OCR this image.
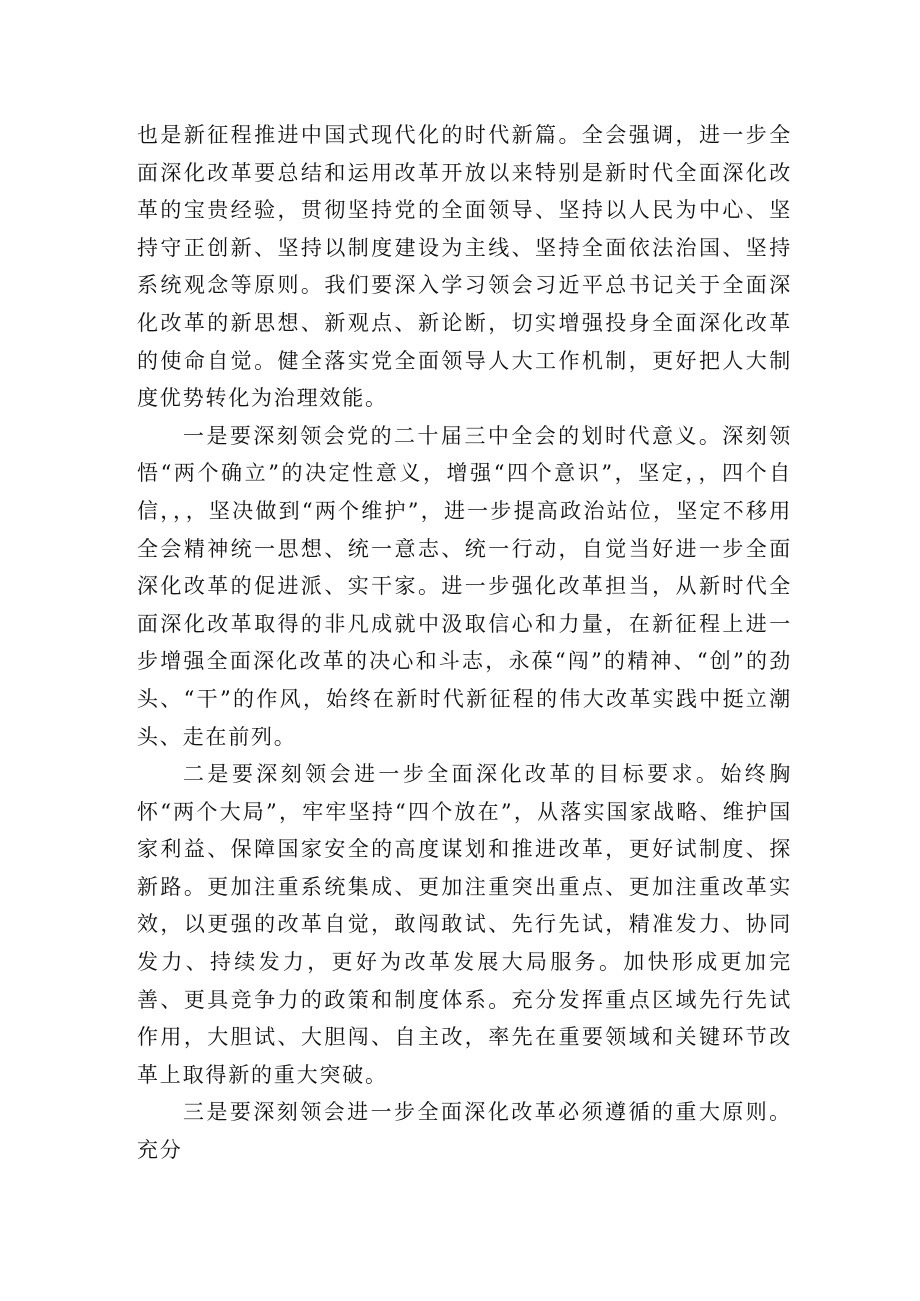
也是新征程推进中国式现代化的时代新篇。全会强调，进一步全面深化改革要总结和运用改革开放以来特别是新时代全面深化改革的宝贵经验，贯彻坚持党的全面领导、坚持以人民为中心、坚持守正创新、坚持以制度建设为主线、坚持全面依法治国、坚持系统观念等原则。我们要深入学习领会习近平总书记关于全面深化改革的新思想、新观点、新论断，切实增强投身全面深化改革的使命自觉。健全落实党全面领导人大工作机制，更好把人大制度优势转化为治理效能。

一是要深刻领会党的二十届三中全会的划时代意义。深刻领悟“两个确立”的决定性意义，增强“四个意识”，坚定，，四个自信，，，坚决做到“两个维护”，进一步提高政治站位，坚定不移用全会精神统一思想、统一意志、统一行动，自觉当好进一步全面深化改革的促进派、实干家。进一步强化改革担当，从新时代全面深化改革取得的非凡成就中汲取信心和力量，在新征程上进一步增强全面深化改革的决心和斗志，永葆“闯”的精神、“创”的劲头、“干”的作风，始终在新时代新征程的伟大改革实践中挺立潮头、走在前列。

二是要深刻领会进一步全面深化改革的目标要求。始终胸怀“两个大局”，牢牢坚持“四个放在”，从落实国家战略、维护国家利益、保障国家安全的高度谋划和推进改革，更好试制度、探新路。更加注重系统集成、更加注重突出重点、更加注重改革实效，以更强的改革自觉，敢闯敢试、先行先试，精准发力、协同发力、持续发力，更好为改革发展大局服务。加快形成更加完善、更具竞争力的政策和制度体系。充分发挥重点区域先行先试作用，大胆试、大胆闯、自主改，率先在重要领域和关键环节改革上取得新的重大突破。

三是要深刻领会进一步全面深化改革必须遵循的重大原则。充分
